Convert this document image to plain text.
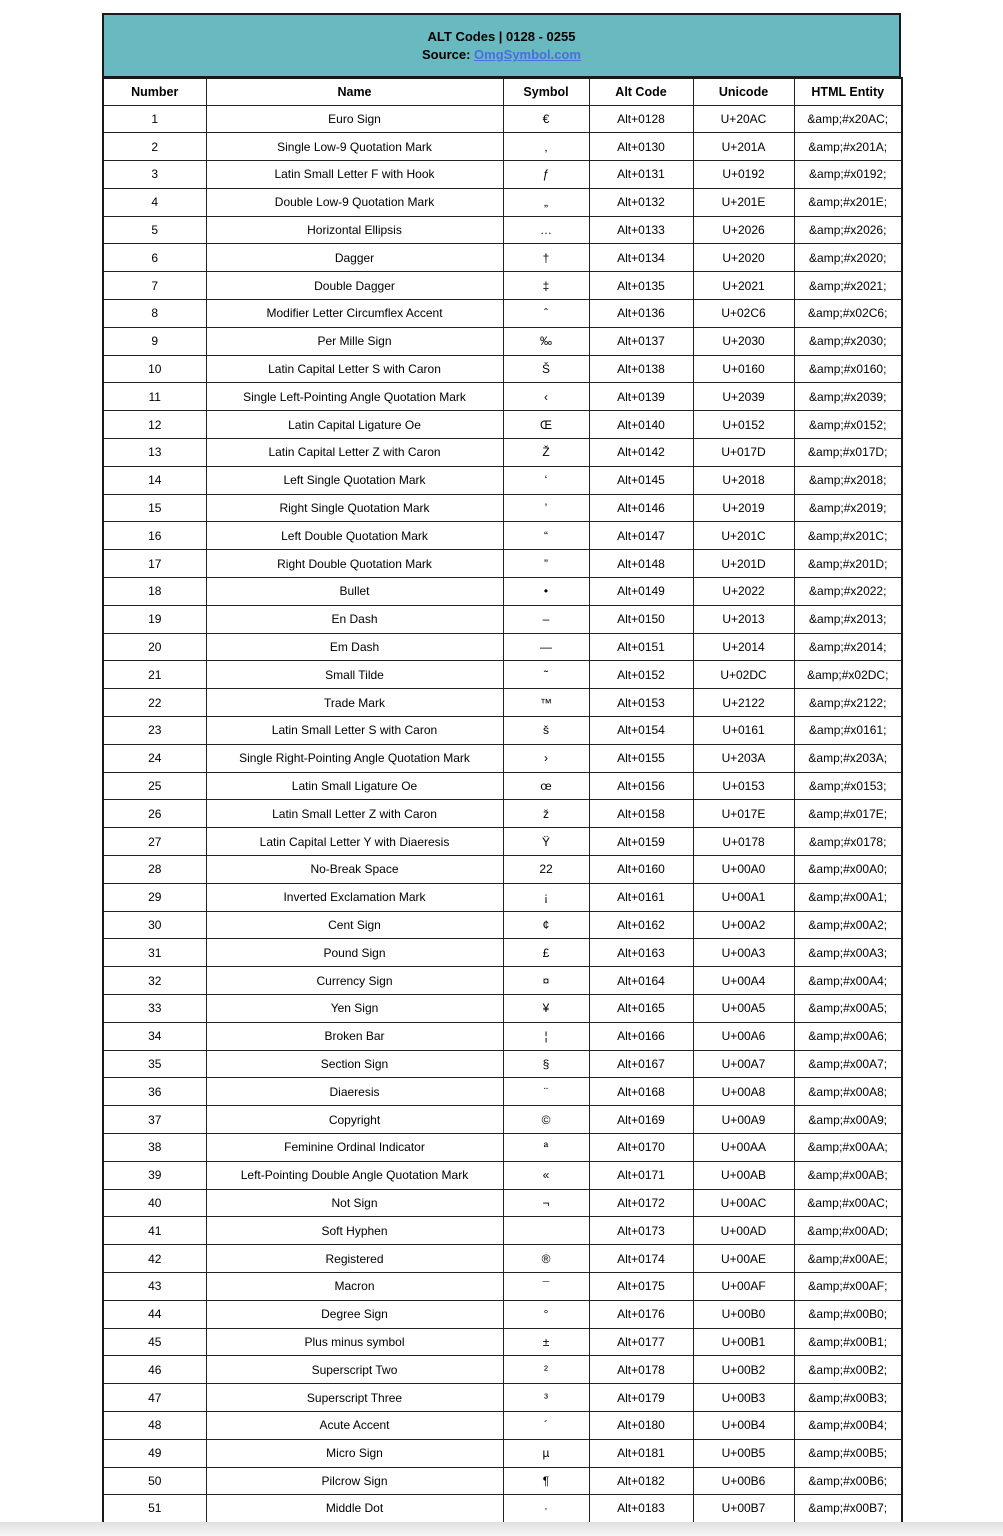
ALT Codes | 0128 - 0255
Source: OmgSymbol.com
Number	Name	Symbol	Alt Code	Unicode	HTML Entity
1	Euro Sign	€	Alt+0128	U+20AC	&amp;#x20AC;
2	Single Low-9 Quotation Mark	‚	Alt+0130	U+201A	&amp;#x201A;
3	Latin Small Letter F with Hook	ƒ	Alt+0131	U+0192	&amp;#x0192;
4	Double Low-9 Quotation Mark	„	Alt+0132	U+201E	&amp;#x201E;
5	Horizontal Ellipsis	…	Alt+0133	U+2026	&amp;#x2026;
6	Dagger	†	Alt+0134	U+2020	&amp;#x2020;
7	Double Dagger	‡	Alt+0135	U+2021	&amp;#x2021;
8	Modifier Letter Circumflex Accent	ˆ	Alt+0136	U+02C6	&amp;#x02C6;
9	Per Mille Sign	‰	Alt+0137	U+2030	&amp;#x2030;
10	Latin Capital Letter S with Caron	Š	Alt+0138	U+0160	&amp;#x0160;
11	Single Left-Pointing Angle Quotation Mark	‹	Alt+0139	U+2039	&amp;#x2039;
12	Latin Capital Ligature Oe	Œ	Alt+0140	U+0152	&amp;#x0152;
13	Latin Capital Letter Z with Caron	Ž	Alt+0142	U+017D	&amp;#x017D;
14	Left Single Quotation Mark	‘	Alt+0145	U+2018	&amp;#x2018;
15	Right Single Quotation Mark	’	Alt+0146	U+2019	&amp;#x2019;
16	Left Double Quotation Mark	“	Alt+0147	U+201C	&amp;#x201C;
17	Right Double Quotation Mark	”	Alt+0148	U+201D	&amp;#x201D;
18	Bullet	•	Alt+0149	U+2022	&amp;#x2022;
19	En Dash	–	Alt+0150	U+2013	&amp;#x2013;
20	Em Dash	—	Alt+0151	U+2014	&amp;#x2014;
21	Small Tilde	˜	Alt+0152	U+02DC	&amp;#x02DC;
22	Trade Mark	™	Alt+0153	U+2122	&amp;#x2122;
23	Latin Small Letter S with Caron	š	Alt+0154	U+0161	&amp;#x0161;
24	Single Right-Pointing Angle Quotation Mark	›	Alt+0155	U+203A	&amp;#x203A;
25	Latin Small Ligature Oe	œ	Alt+0156	U+0153	&amp;#x0153;
26	Latin Small Letter Z with Caron	ž	Alt+0158	U+017E	&amp;#x017E;
27	Latin Capital Letter Y with Diaeresis	Ÿ	Alt+0159	U+0178	&amp;#x0178;
28	No-Break Space	22	Alt+0160	U+00A0	&amp;#x00A0;
29	Inverted Exclamation Mark	¡	Alt+0161	U+00A1	&amp;#x00A1;
30	Cent Sign	¢	Alt+0162	U+00A2	&amp;#x00A2;
31	Pound Sign	£	Alt+0163	U+00A3	&amp;#x00A3;
32	Currency Sign	¤	Alt+0164	U+00A4	&amp;#x00A4;
33	Yen Sign	¥	Alt+0165	U+00A5	&amp;#x00A5;
34	Broken Bar	¦	Alt+0166	U+00A6	&amp;#x00A6;
35	Section Sign	§	Alt+0167	U+00A7	&amp;#x00A7;
36	Diaeresis	¨	Alt+0168	U+00A8	&amp;#x00A8;
37	Copyright	©	Alt+0169	U+00A9	&amp;#x00A9;
38	Feminine Ordinal Indicator	ª	Alt+0170	U+00AA	&amp;#x00AA;
39	Left-Pointing Double Angle Quotation Mark	«	Alt+0171	U+00AB	&amp;#x00AB;
40	Not Sign	¬	Alt+0172	U+00AC	&amp;#x00AC;
41	Soft Hyphen		Alt+0173	U+00AD	&amp;#x00AD;
42	Registered	®	Alt+0174	U+00AE	&amp;#x00AE;
43	Macron	¯	Alt+0175	U+00AF	&amp;#x00AF;
44	Degree Sign	°	Alt+0176	U+00B0	&amp;#x00B0;
45	Plus minus symbol	±	Alt+0177	U+00B1	&amp;#x00B1;
46	Superscript Two	²	Alt+0178	U+00B2	&amp;#x00B2;
47	Superscript Three	³	Alt+0179	U+00B3	&amp;#x00B3;
48	Acute Accent	´	Alt+0180	U+00B4	&amp;#x00B4;
49	Micro Sign	µ	Alt+0181	U+00B5	&amp;#x00B5;
50	Pilcrow Sign	¶	Alt+0182	U+00B6	&amp;#x00B6;
51	Middle Dot	·	Alt+0183	U+00B7	&amp;#x00B7;
